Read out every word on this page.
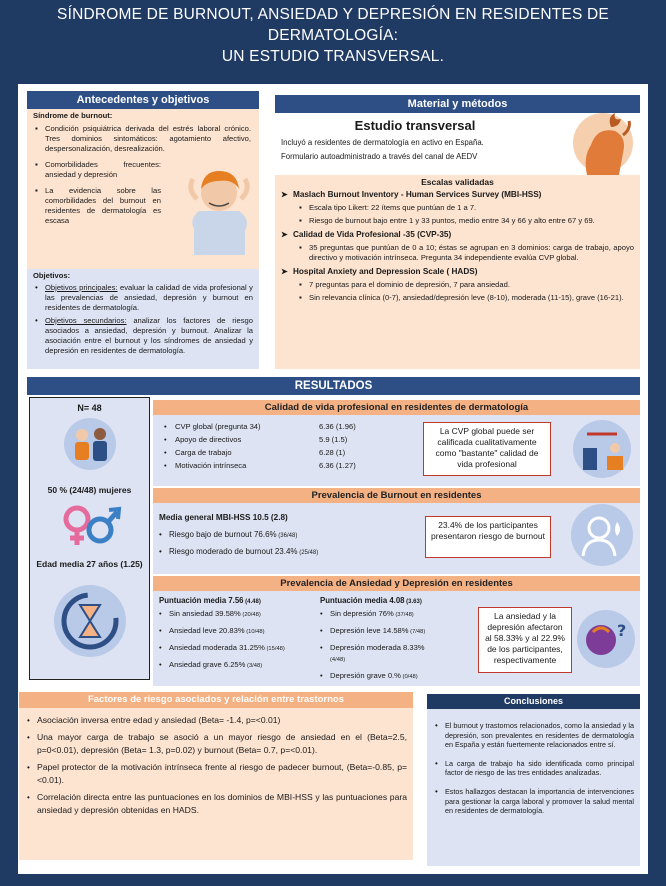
SÍNDROME DE BURNOUT, ANSIEDAD Y DEPRESIÓN EN RESIDENTES DE
DERMATOLOGÍA:
UN ESTUDIO TRANSVERSAL.
Antecedentes y objetivos
Síndrome de burnout:
▪ Condición psiquiátrica derivada del estrés laboral crónico. Tres dominios sintomáticos: agotamiento afectivo, despersonalización, desrealización.
▪ Comorbilidades frecuentes: ansiedad y depresión
▪ La evidencia sobre las comorbilidades del burnout en residentes de dermatología es escasa
Objetivos:
• Objetivos principales: evaluar la calidad de vida profesional y las prevalencias de ansiedad, depresión y burnout en residentes de dermatología.
• Objetivos secundarios: analizar los factores de riesgo asociados a ansiedad, depresión y burnout. Analizar la asociación entre el burnout y los síndromes de ansiedad y depresión en residentes de dermatología.
Material y métodos
Estudio transversal
Incluyó a residentes de dermatología en activo en España.
Formulario autoadministrado a través del canal de AEDV
Escalas validadas
➤ Maslach Burnout Inventory - Human Services Survey (MBI-HSS)
▪ Escala tipo Likert: 22 ítems que puntúan de 1 a 7.
▪ Riesgo de burnout bajo entre 1 y 33 puntos, medio entre 34 y 66 y alto entre 67 y 69.
➤ Calidad de Vida Profesional -35 (CVP-35)
▪ 35 preguntas que puntúan de 0 a 10; éstas se agrupan en 3 dominios: carga de trabajo, apoyo directivo y motivación intrínseca. Pregunta 34 independiente evalúa CVP global.
➤ Hospital Anxiety and Depression Scale ( HADS)
▪ 7 preguntas para el dominio de depresión, 7 para ansiedad.
▪ Sin relevancia clínica (0-7), ansiedad/depresión leve (8-10), moderada (11-15), grave (16-21).
RESULTADOS
N= 48
50 % (24/48) mujeres
Edad media 27 años (1.25)
Calidad de vida profesional en residentes de dermatología
• CVP global (pregunta 34)	6.36 (1.96)
• Apoyo de directivos	5.9 (1.5)
• Carga de trabajo	6.28 (1)
• Motivación intrínseca	6.36 (1.27)
La CVP global puede ser calificada cualitativamente como "bastante" calidad de vida profesional
Prevalencia de Burnout en residentes
Media general MBI-HSS 10.5 (2.8)
• Riesgo bajo de burnout 76.6% (36/48)
• Riesgo moderado de burnout 23.4% (25/48)
23.4% de los participantes presentaron riesgo de burnout
Prevalencia de Ansiedad y Depresión en residentes
Puntuación media 7.56 (4.48)
• Sin ansiedad 39.58% (20/48)
• Ansiedad leve 20.83% (10/48)
• Ansiedad moderada 31.25% (15/48)
• Ansiedad grave 6.25% (3/48)
Puntuación media 4.08 (3.63)
• Sin depresión 76% (37/48)
• Depresión leve 14.58% (7/48)
• Depresión moderada 8.33% (4/48)
• Depresión grave 0.% (0/48)
La ansiedad y la depresión afectaron al 58.33% y al 22.9% de los participantes, respectivamente
?
Factores de riesgo asociados y relación entre trastornos
• Asociación inversa entre edad y ansiedad (Beta= -1.4, p=<0.01)
• Una mayor carga de trabajo se asoció a un mayor riesgo de ansiedad en el (Beta=2.5, p=0<0.01), depresión (Beta= 1.3, p=0.02) y burnout (Beta= 0.7, p=<0.01).
• Papel protector de la motivación intrínseca frente al riesgo de padecer burnout, (Beta=-0.85, p= <0.01).
• Correlación directa entre las puntuaciones en los dominios de MBI-HSS y las puntuaciones para ansiedad y depresión obtenidas en HADS.
Conclusiones
• El burnout y trastornos relacionados, como la ansiedad y la depresión, son prevalentes en residentes de dermatología en España y están fuertemente relacionados entre sí.
• La carga de trabajo ha sido identificada como principal factor de riesgo de las tres entidades analizadas.
• Estos hallazgos destacan la importancia de intervenciones para gestionar la carga laboral y promover la salud mental en residentes de dermatología.
